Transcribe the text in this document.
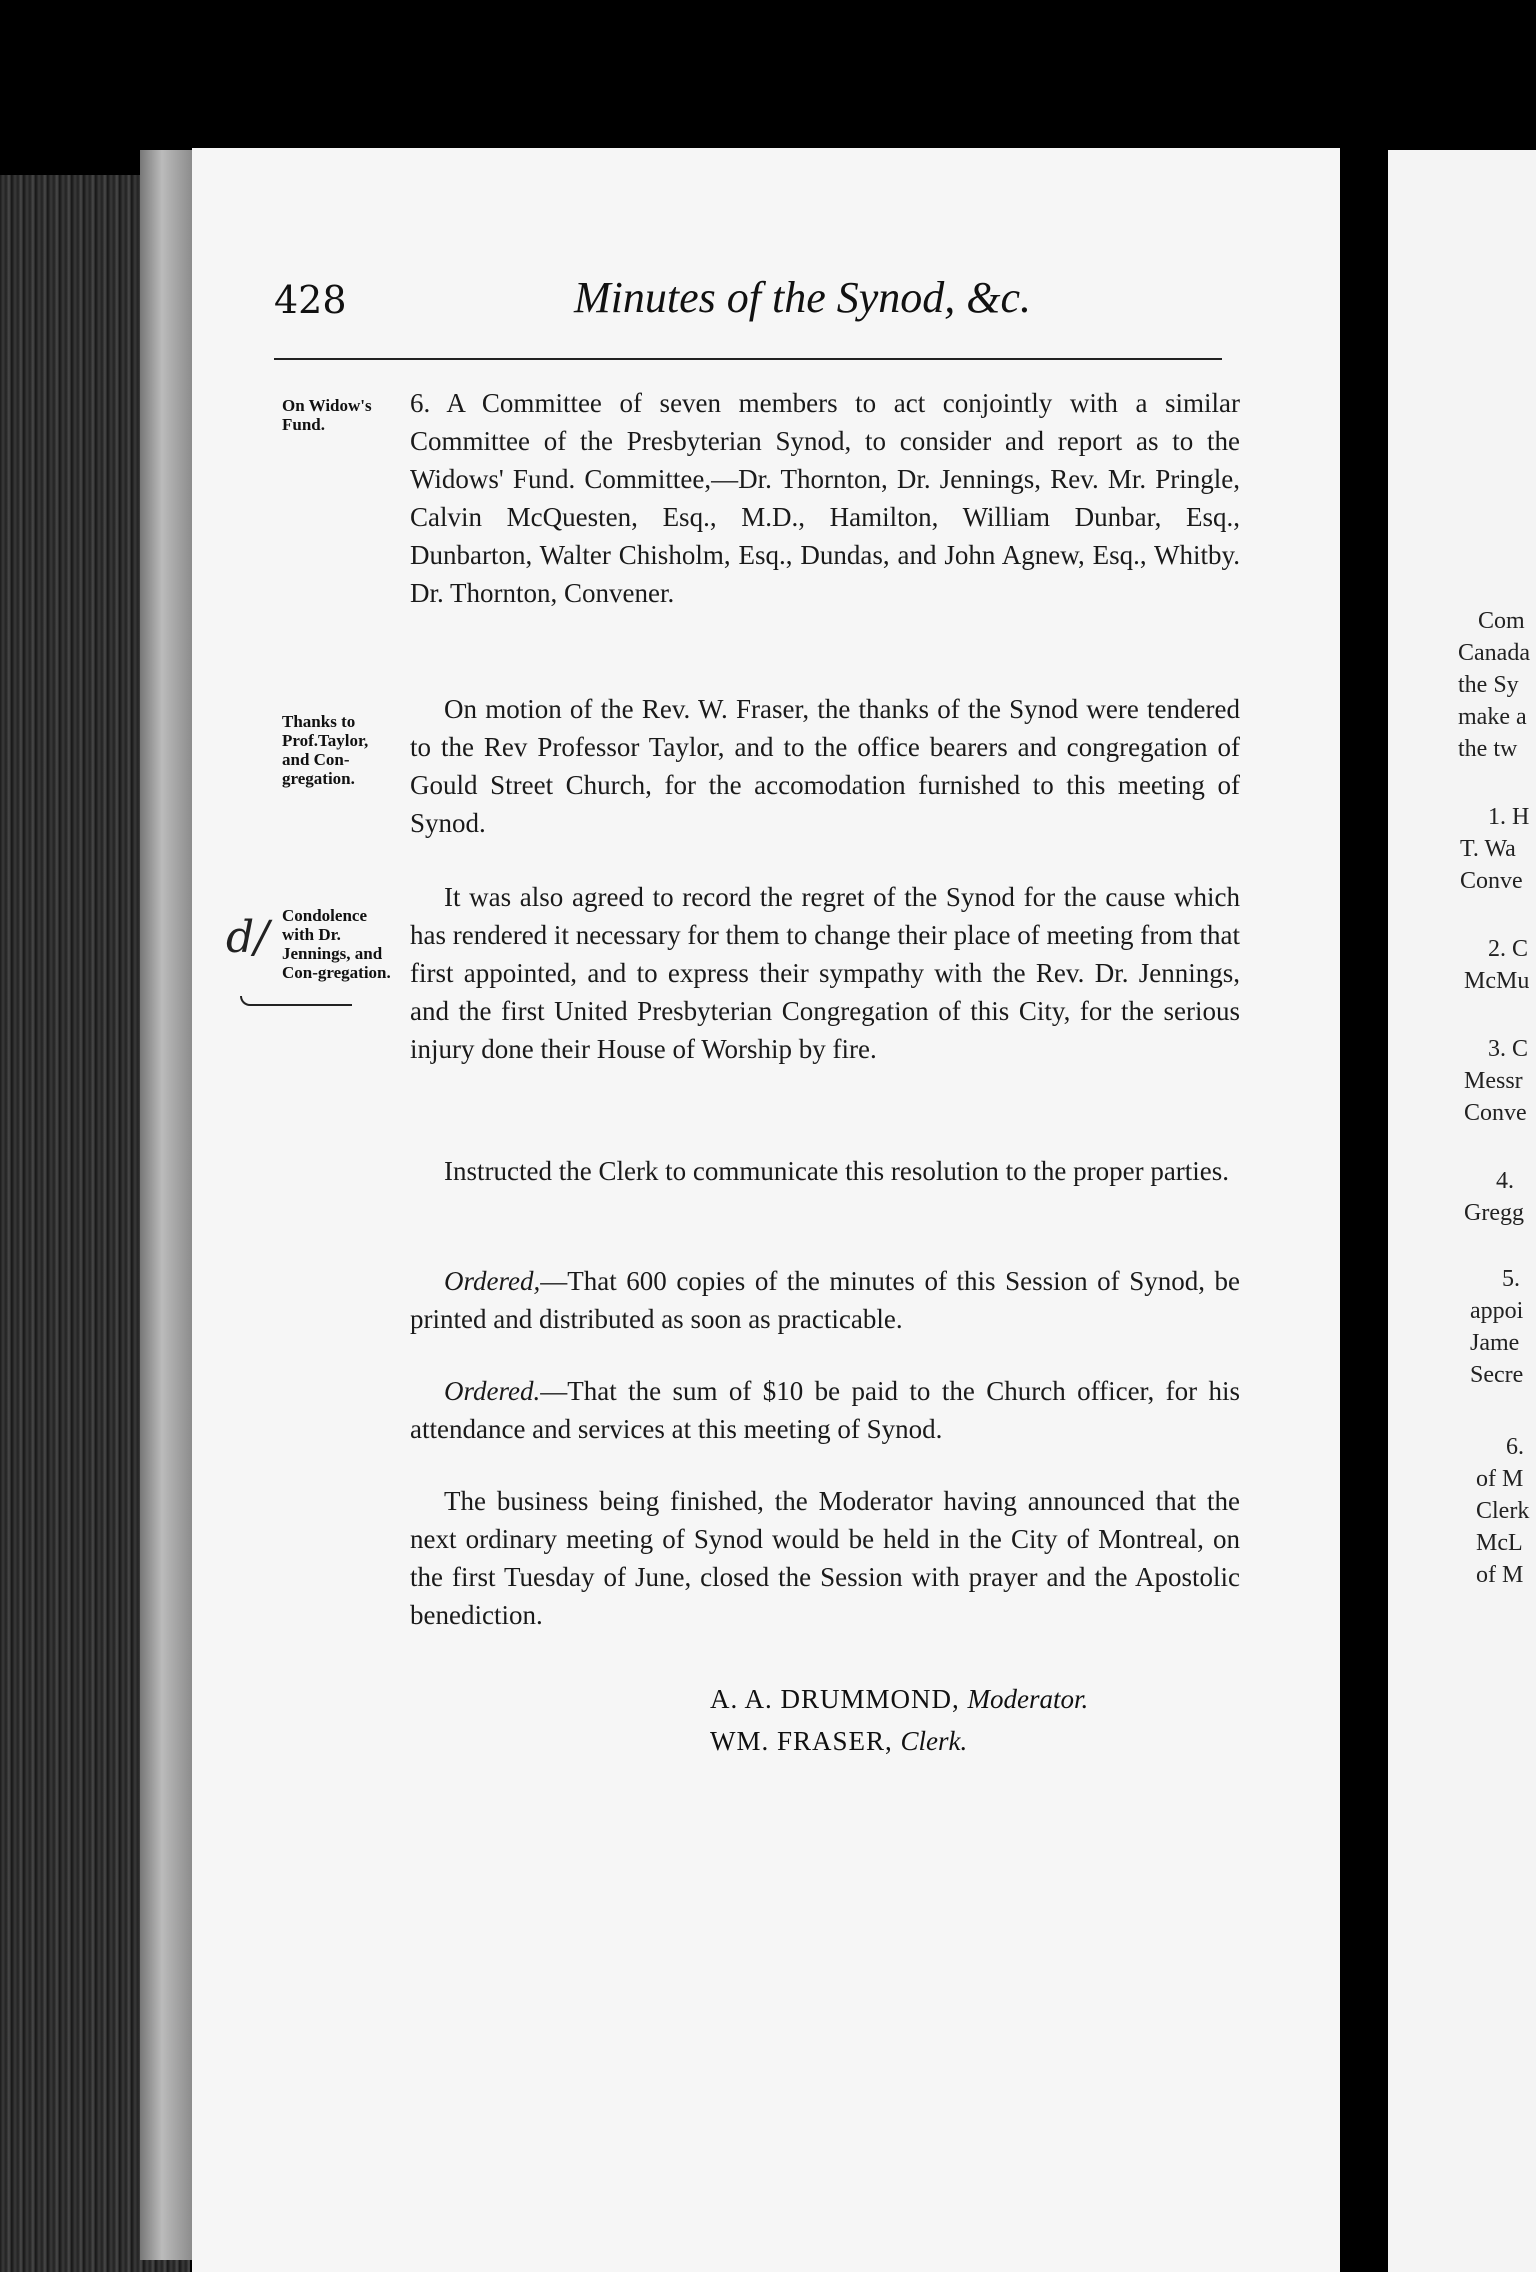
428	Minutes of the Synod, &c.
On Widow's Fund.
Thanks to Prof.Taylor, and Con-gregation.
Condolence with Dr. Jennings, and Con-gregation.
d/
6. A Committee of seven members to act conjointly with a similar Committee of the Presbyterian Synod, to consider and report as to the Widows' Fund. Committee,—Dr. Thornton, Dr. Jennings, Rev. Mr. Pringle, Calvin McQuesten, Esq., M.D., Hamilton, William Dunbar, Esq., Dunbarton, Walter Chisholm, Esq., Dundas, and John Agnew, Esq., Whitby. Dr. Thornton, Convener.
On motion of the Rev. W. Fraser, the thanks of the Synod were tendered to the Rev Professor Taylor, and to the office bearers and congregation of Gould Street Church, for the accomodation furnished to this meeting of Synod.
It was also agreed to record the regret of the Synod for the cause which has rendered it necessary for them to change their place of meeting from that first appointed, and to express their sympathy with the Rev. Dr. Jennings, and the first United Presbyterian Congregation of this City, for the serious injury done their House of Worship by fire.
Instructed the Clerk to communicate this resolution to the proper parties.
Ordered,—That 600 copies of the minutes of this Session of Synod, be printed and distributed as soon as practicable.
Ordered.—That the sum of $10 be paid to the Church officer, for his attendance and services at this meeting of Synod.
The business being finished, the Moderator having announced that the next ordinary meeting of Synod would be held in the City of Montreal, on the first Tuesday of June, closed the Session with prayer and the Apostolic benediction.
A. A. DRUMMOND, Moderator.
WM. FRASER, Clerk.
Com
Canada
the Sy
make a
the tw
1. H
T. Wa
Conve
2. C
McMu
3. C
Messr
Conve
4.
Gregg
5.
appoi
Jame
Secre
6.
of M
Clerk
McL
of M
